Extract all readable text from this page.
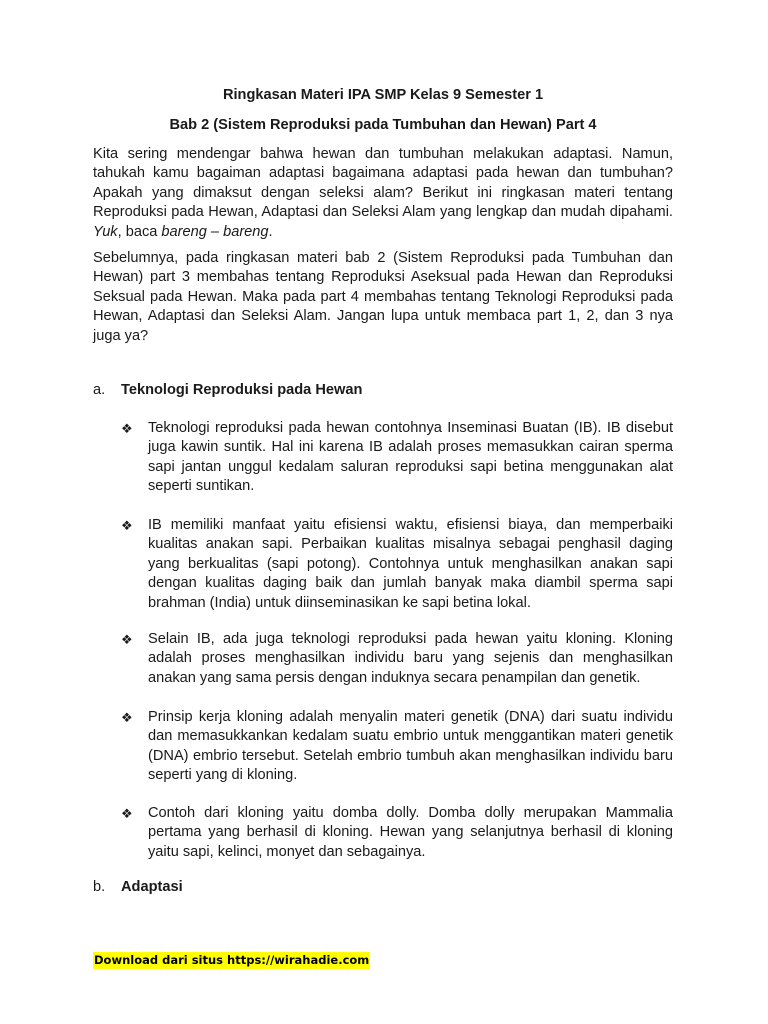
Ringkasan Materi IPA SMP Kelas 9 Semester 1

Bab 2 (Sistem Reproduksi pada Tumbuhan dan Hewan) Part 4

Kita sering mendengar bahwa hewan dan tumbuhan melakukan adaptasi. Namun, tahukah kamu bagaiman adaptasi bagaimana adaptasi pada hewan dan tumbuhan? Apakah yang dimaksut dengan seleksi alam? Berikut ini ringkasan materi tentang Reproduksi pada Hewan, Adaptasi dan Seleksi Alam yang lengkap dan mudah dipahami. Yuk, baca bareng – bareng.

Sebelumnya, pada ringkasan materi bab 2 (Sistem Reproduksi pada Tumbuhan dan Hewan) part 3 membahas tentang Reproduksi Aseksual pada Hewan dan Reproduksi Seksual pada Hewan. Maka pada part 4 membahas tentang Teknologi Reproduksi pada Hewan, Adaptasi dan Seleksi Alam. Jangan lupa untuk membaca part 1, 2, dan 3 nya juga ya?

a. Teknologi Reproduksi pada Hewan

❖ Teknologi reproduksi pada hewan contohnya Inseminasi Buatan (IB). IB disebut juga kawin suntik. Hal ini karena IB adalah proses memasukkan cairan sperma sapi jantan unggul kedalam saluran reproduksi sapi betina menggunakan alat seperti suntikan.

❖ IB memiliki manfaat yaitu efisiensi waktu, efisiensi biaya, dan memperbaiki kualitas anakan sapi. Perbaikan kualitas misalnya sebagai penghasil daging yang berkualitas (sapi potong). Contohnya untuk menghasilkan anakan sapi dengan kualitas daging baik dan jumlah banyak maka diambil sperma sapi brahman (India) untuk diinseminasikan ke sapi betina lokal.

❖ Selain IB, ada juga teknologi reproduksi pada hewan yaitu kloning. Kloning adalah proses menghasilkan individu baru yang sejenis dan menghasilkan anakan yang sama persis dengan induknya secara penampilan dan genetik.

❖ Prinsip kerja kloning adalah menyalin materi genetik (DNA) dari suatu individu dan memasukkankan kedalam suatu embrio untuk menggantikan materi genetik (DNA) embrio tersebut. Setelah embrio tumbuh akan menghasilkan individu baru seperti yang di kloning.

❖ Contoh dari kloning yaitu domba dolly. Domba dolly merupakan Mammalia pertama yang berhasil di kloning. Hewan yang selanjutnya berhasil di kloning yaitu sapi, kelinci, monyet dan sebagainya.

b. Adaptasi

Download dari situs https://wirahadie.com
